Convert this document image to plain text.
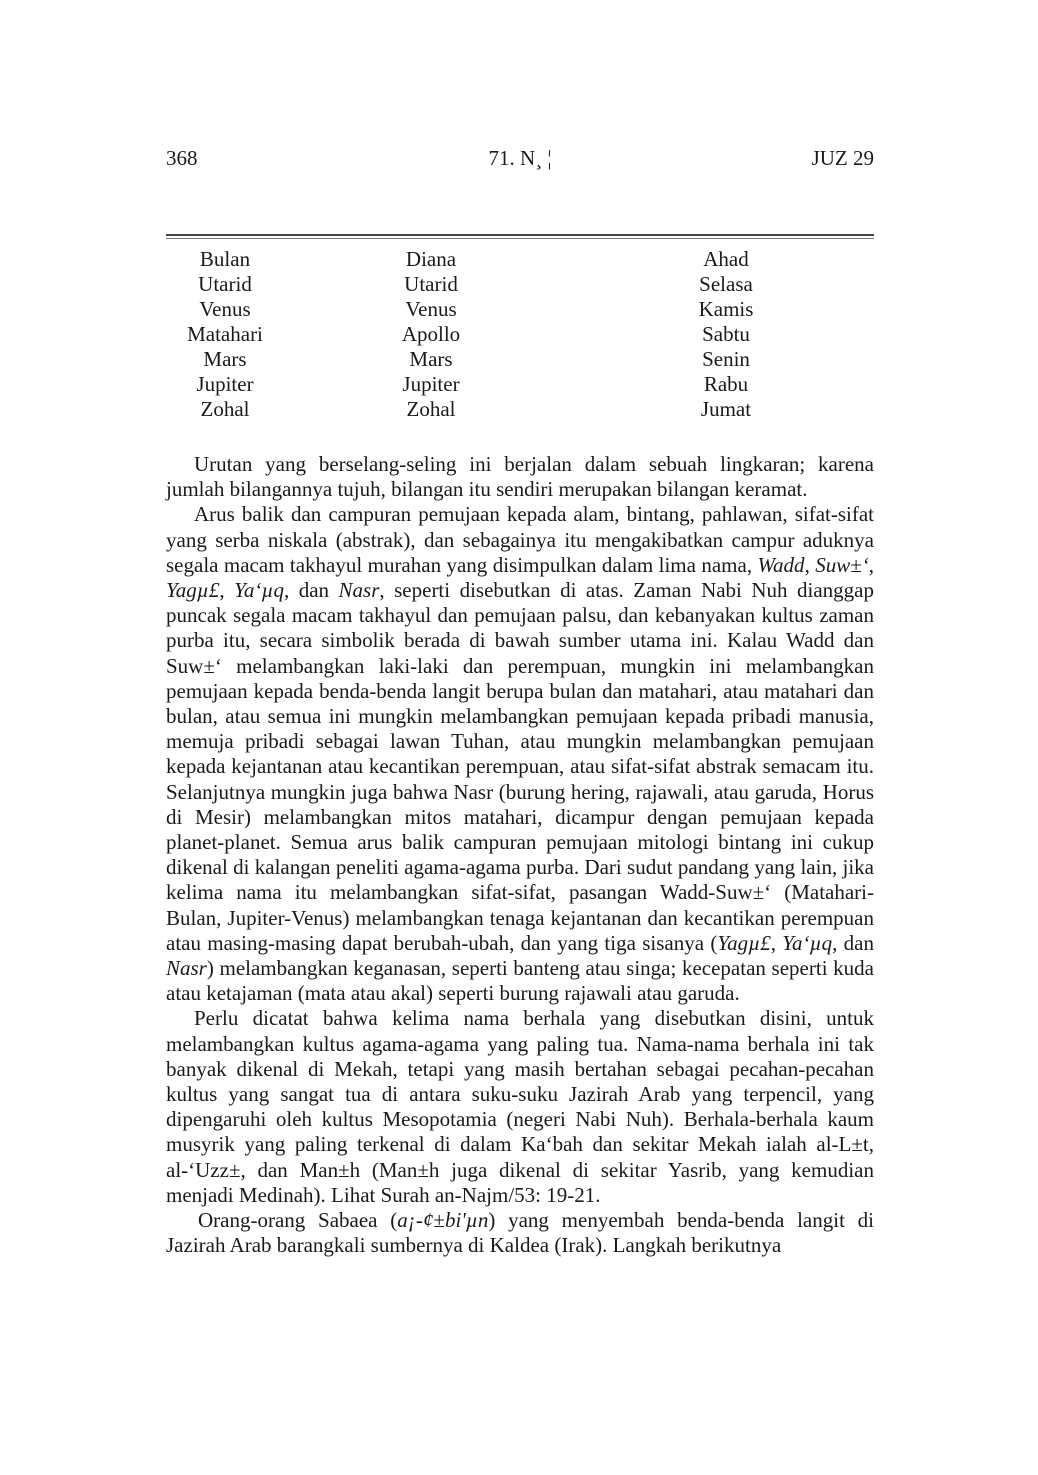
368	71. N¸ ¦	JUZ 29
Bulan	Diana	Ahad
Utarid	Utarid	Selasa
Venus	Venus	Kamis
Matahari	Apollo	Sabtu
Mars	Mars	Senin
Jupiter	Jupiter	Rabu
Zohal	Zohal	Jumat

Urutan yang berselang-seling ini berjalan dalam sebuah lingkaran; karena jumlah bilangannya tujuh, bilangan itu sendiri merupakan bilangan keramat.

Arus balik dan campuran pemujaan kepada alam, bintang, pahlawan, sifat-sifat yang serba niskala (abstrak), dan sebagainya itu mengakibatkan campur aduknya segala macam takhayul murahan yang disimpulkan dalam lima nama, Wadd, Suw±‘, Yagµ£, Ya‘µq, dan Nasr, seperti disebutkan di atas. Zaman Nabi Nuh dianggap puncak segala macam takhayul dan pemujaan palsu, dan kebanyakan kultus zaman purba itu, secara simbolik berada di bawah sumber utama ini. Kalau Wadd dan Suw±‘ melambangkan laki-laki dan perempuan, mungkin ini melambangkan pemujaan kepada benda-benda langit berupa bulan dan matahari, atau matahari dan bulan, atau semua ini mungkin melambangkan pemujaan kepada pribadi manusia, memuja pribadi sebagai lawan Tuhan, atau mungkin melambangkan pemujaan kepada kejantanan atau kecantikan perempuan, atau sifat-sifat abstrak semacam itu. Selanjutnya mungkin juga bahwa Nasr (burung hering, rajawali, atau garuda, Horus di Mesir) melambangkan mitos matahari, dicampur dengan pemujaan kepada planet-planet. Semua arus balik campuran pemujaan mitologi bintang ini cukup dikenal di kalangan peneliti agama-agama purba. Dari sudut pandang yang lain, jika kelima nama itu melambangkan sifat-sifat, pasangan Wadd-Suw±‘ (Matahari-Bulan, Jupiter-Venus) melambangkan tenaga kejantanan dan kecantikan perempuan atau masing-masing dapat berubah-ubah, dan yang tiga sisanya (Yagµ£, Ya‘µq, dan Nasr) melambangkan keganasan, seperti banteng atau singa; kecepatan seperti kuda atau ketajaman (mata atau akal) seperti burung rajawali atau garuda.

Perlu dicatat bahwa kelima nama berhala yang disebutkan disini, untuk melambangkan kultus agama-agama yang paling tua. Nama-nama berhala ini tak banyak dikenal di Mekah, tetapi yang masih bertahan sebagai pecahan-pecahan kultus yang sangat tua di antara suku-suku Jazirah Arab yang terpencil, yang dipengaruhi oleh kultus Mesopotamia (negeri Nabi Nuh). Berhala-berhala kaum musyrik yang paling terkenal di dalam Ka‘bah dan sekitar Mekah ialah al-L±t, al-‘Uzz±, dan Man±h (Man±h juga dikenal di sekitar Yasrib, yang kemudian menjadi Medinah). Lihat Surah an-Najm/53: 19-21.

Orang-orang Sabaea (a¡-¢±bi'µn) yang menyembah benda-benda langit di Jazirah Arab barangkali sumbernya di Kaldea (Irak). Langkah berikutnya
